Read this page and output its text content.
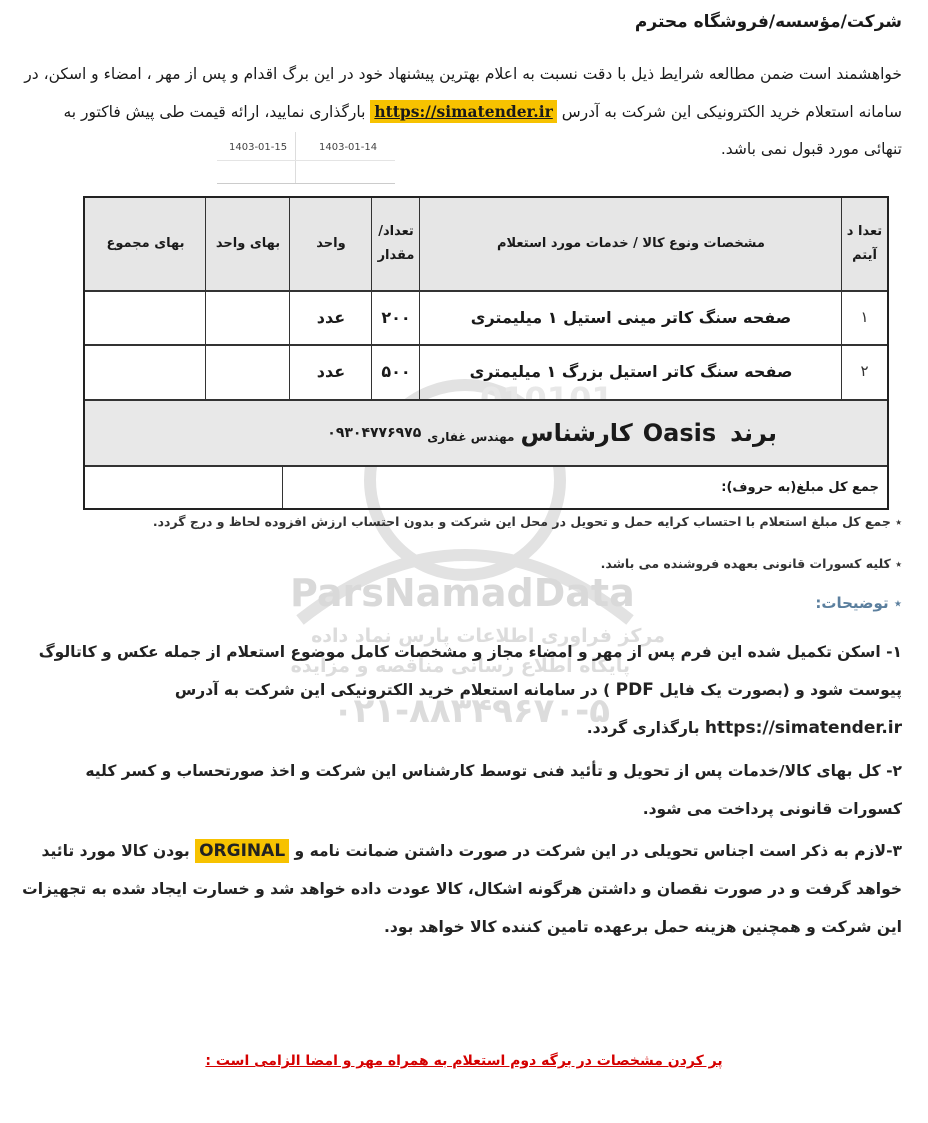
شرکت/مؤسسه/فروشگاه محترم
خواهشمند است ضمن مطالعه شرایط ذیل با دقت نسبت به اعلام بهترین پیشنهاد خود در این برگ اقدام و پس از مهر ، امضاء و اسکن، در سامانه استعلام خرید الکترونیکی این شرکت به آدرس https://simatender.ir بارگذاری نمایید، ارائه قیمت طی پیش فاکتور به تنهائی مورد قبول نمی باشد.
1403-01-15	1403-01-14
ParsNamadData
مرکز فراوری اطلاعات پارس نماد داده
پایگاه اطلاع رسانی مناقصه و مزایده
۰۲۱-۸۸۳۴۹۶۷۰-۵
تعدا د آیتم
مشخصات ونوع کالا / خدمات مورد استعلام
تعداد/ مقدار
واحد
بهای واحد
بهای مجموع
۱
صفحه سنگ کاتر مینی استیل ۱ میلیمتری
۲۰۰
عدد
۲
صفحه سنگ کاتر استیل بزرگ ۱ میلیمتری
۵۰۰
عدد
برند
Oasis
کارشناس
مهندس غفاری
۰۹۳۰۴۷۷۶۹۷۵
جمع کل مبلغ(به حروف):
٭ جمع کل مبلغ استعلام با احتساب کرایه حمل و تحویل در محل این شرکت و بدون احتساب ارزش افزوده لحاظ و درج گردد.
٭ کلیه کسورات قانونی بعهده فروشنده می باشد.
٭ توضیحات:
۱- اسکن تکمیل شده این فرم پس از مهر و امضاء مجاز و مشخصات کامل موضوع استعلام از جمله عکس و کاتالوگ پیوست شود و (بصورت یک فایل PDF ) در سامانه استعلام خرید الکترونیکی این شرکت به آدرس https://simatender.ir بارگذاری گردد.
۲- کل بهای کالا/خدمات پس از تحویل و تأئید فنی توسط کارشناس این شرکت و اخذ صورتحساب و کسر کلیه کسورات قانونی پرداخت می شود.
۳-لازم به ذکر است اجناس تحویلی در این شرکت در صورت داشتن ضمانت نامه و ORGINAL بودن کالا مورد تائید خواهد گرفت و در صورت نقصان و داشتن هرگونه اشکال، کالا عودت داده خواهد شد و خسارت ایجاد شده به تجهیزات این شرکت و همچنین هزینه حمل برعهده تامین کننده کالا خواهد بود.
پر کردن مشخصات در برگه دوم استعلام به همراه مهر و امضا الزامی است :
